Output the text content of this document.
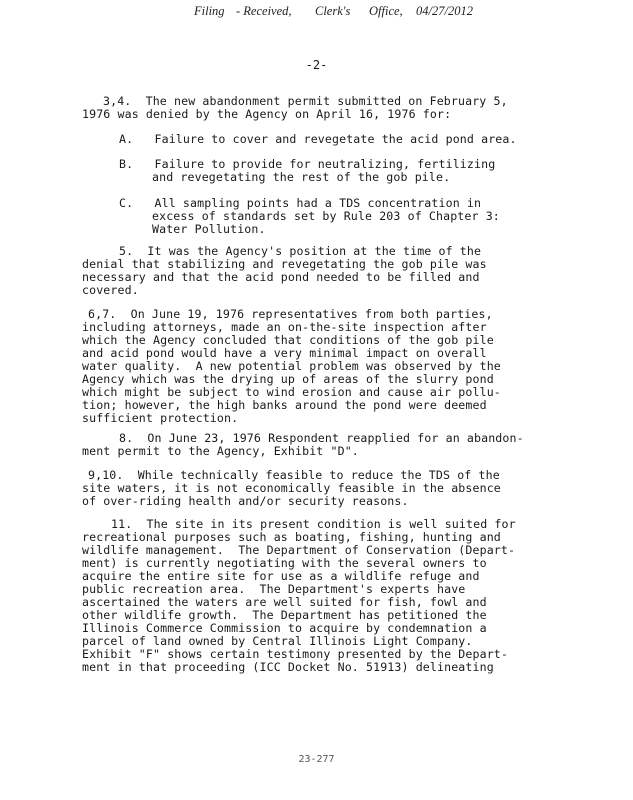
Filing - Received, Clerk's Office, 04/27/2012
-2-
3,4.  The new abandonment permit submitted on February 5,
1976 was denied by the Agency on April 16, 1976 for:
A.   Failure to cover and revegetate the acid pond area.
B.   Failure to provide for neutralizing, fertilizing
and revegetating the rest of the gob pile.
C.   All sampling points had a TDS concentration in
excess of standards set by Rule 203 of Chapter 3:
Water Pollution.
5.  It was the Agency's position at the time of the
denial that stabilizing and revegetating the gob pile was
necessary and that the acid pond needed to be filled and
covered.
6,7.  On June 19, 1976 representatives from both parties,
including attorneys, made an on-the-site inspection after
which the Agency concluded that conditions of the gob pile
and acid pond would have a very minimal impact on overall
water quality.  A new potential problem was observed by the
Agency which was the drying up of areas of the slurry pond
which might be subject to wind erosion and cause air pollu-
tion; however, the high banks around the pond were deemed
sufficient protection.
8.  On June 23, 1976 Respondent reapplied for an abandon-
ment permit to the Agency, Exhibit "D".
9,10.  While technically feasible to reduce the TDS of the
site waters, it is not economically feasible in the absence
of over-riding health and/or security reasons.
11.  The site in its present condition is well suited for
recreational purposes such as boating, fishing, hunting and
wildlife management.  The Department of Conservation (Depart-
ment) is currently negotiating with the several owners to
acquire the entire site for use as a wildlife refuge and
public recreation area.  The Department's experts have
ascertained the waters are well suited for fish, fowl and
other wildlife growth.  The Department has petitioned the
Illinois Commerce Commission to acquire by condemnation a
parcel of land owned by Central Illinois Light Company.
Exhibit "F" shows certain testimony presented by the Depart-
ment in that proceeding (ICC Docket No. 51913) delineating
23-277
